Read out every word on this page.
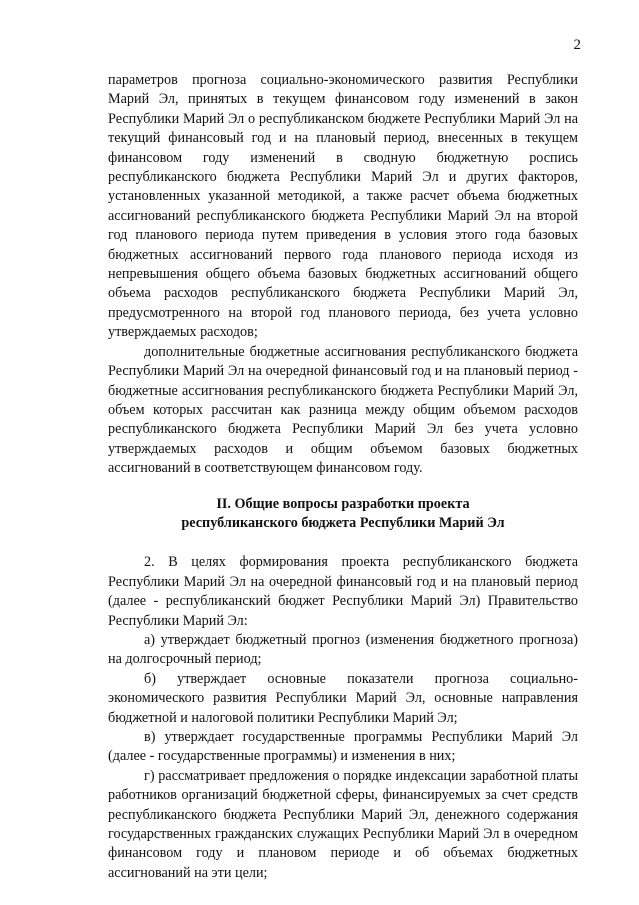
2

параметров прогноза социально-экономического развития Республики Марий Эл, принятых в текущем финансовом году изменений в закон Республики Марий Эл о республиканском бюджете Республики Марий Эл на текущий финансовый год и на плановый период, внесенных в текущем финансовом году изменений в сводную бюджетную роспись республиканского бюджета Республики Марий Эл и других факторов, установленных указанной методикой, а также расчет объема бюджетных ассигнований республиканского бюджета Республики Марий Эл на второй год планового периода путем приведения в условия этого года базовых бюджетных ассигнований первого года планового периода исходя из непревышения общего объема базовых бюджетных ассигнований общего объема расходов республиканского бюджета Республики Марий Эл, предусмотренного на второй год планового периода, без учета условно утверждаемых расходов;

дополнительные бюджетные ассигнования республиканского бюджета Республики Марий Эл на очередной финансовый год и на плановый период - бюджетные ассигнования республиканского бюджета Республики Марий Эл, объем которых рассчитан как разница между общим объемом расходов республиканского бюджета Республики Марий Эл без учета условно утверждаемых расходов и общим объемом базовых бюджетных ассигнований в соответствующем финансовом году.

II. Общие вопросы разработки проекта
республиканского бюджета Республики Марий Эл

2. В целях формирования проекта республиканского бюджета Республики Марий Эл на очередной финансовый год и на плановый период (далее - республиканский бюджет Республики Марий Эл) Правительство Республики Марий Эл:

а) утверждает бюджетный прогноз (изменения бюджетного прогноза) на долгосрочный период;

б) утверждает основные показатели прогноза социально-экономического развития Республики Марий Эл, основные направления бюджетной и налоговой политики Республики Марий Эл;

в) утверждает государственные программы Республики Марий Эл (далее - государственные программы) и изменения в них;

г) рассматривает предложения о порядке индексации заработной платы работников организаций бюджетной сферы, финансируемых за счет средств республиканского бюджета Республики Марий Эл, денежного содержания государственных гражданских служащих Республики Марий Эл в очередном финансовом году и плановом периоде и об объемах бюджетных ассигнований на эти цели;
